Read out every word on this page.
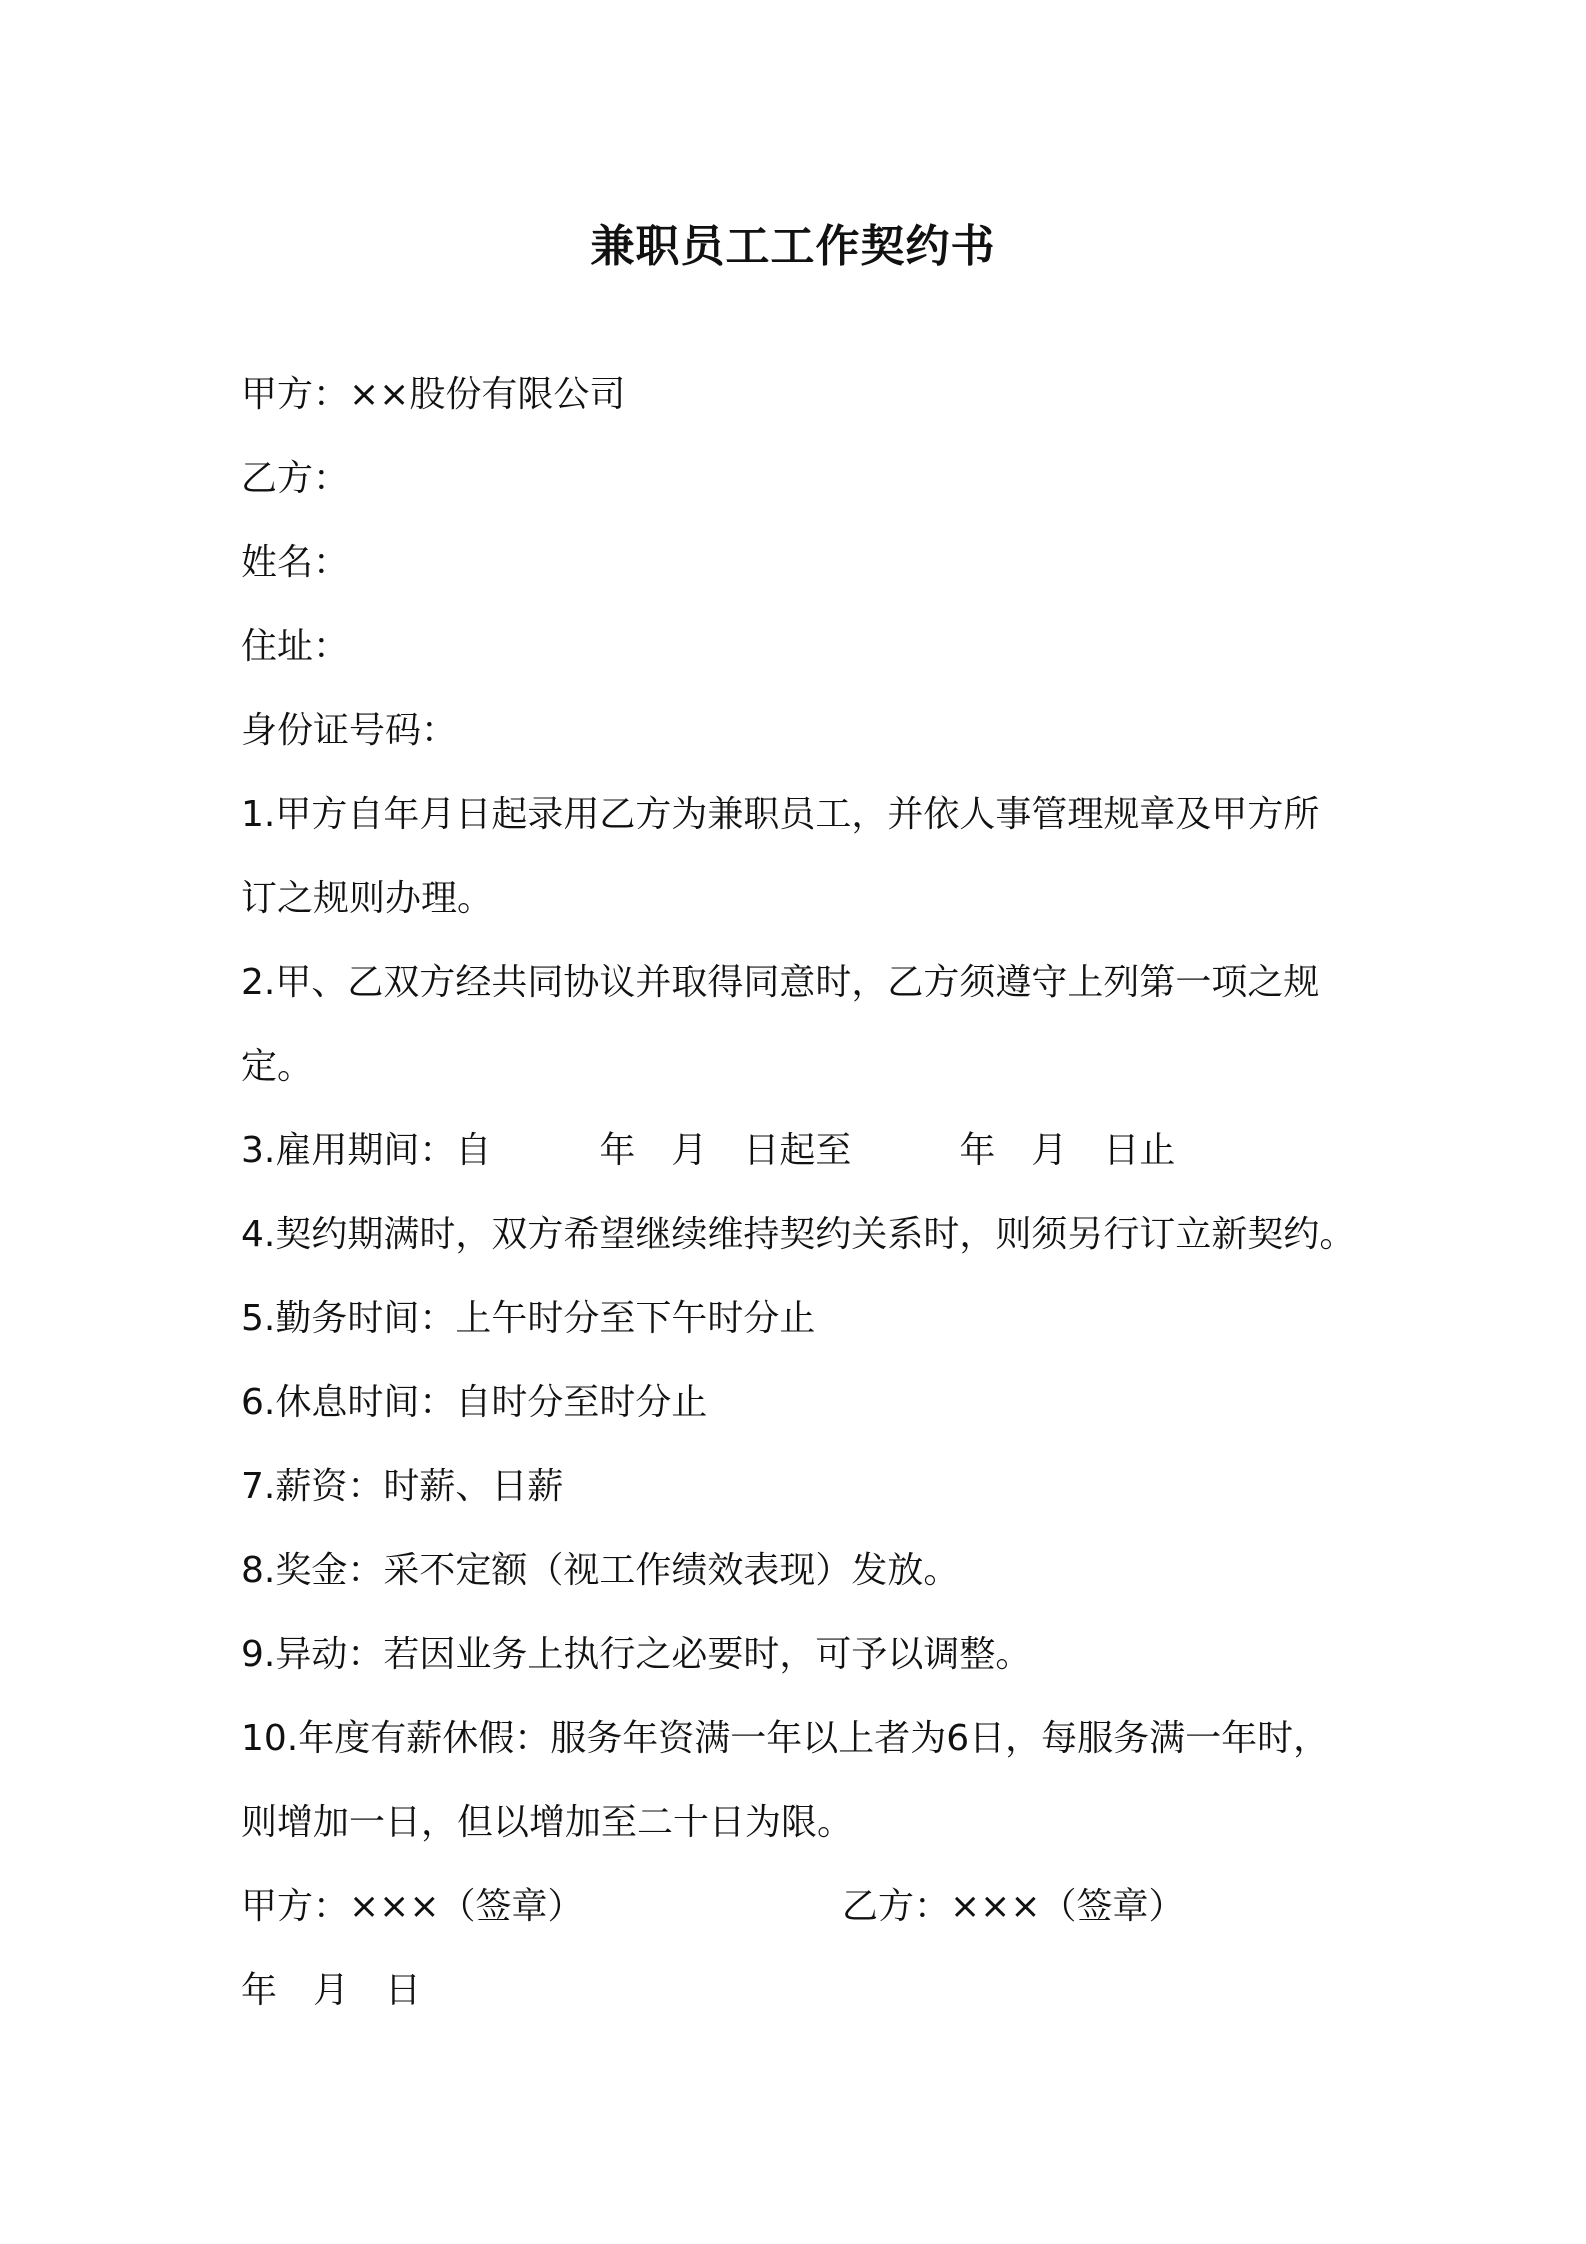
兼职员工工作契约书
甲方：××股份有限公司
乙方：
姓名：
住址：
身份证号码：
1.甲方自年月日起录用乙方为兼职员工，并依人事管理规章及甲方所
订之规则办理。
2.甲、乙双方经共同协议并取得同意时，乙方须遵守上列第一项之规
定。
3.雇用期间：自　　　年　月　日起至　　　年　月　日止
4.契约期满时，双方希望继续维持契约关系时，则须另行订立新契约。
5.勤务时间：上午时分至下午时分止
6.休息时间：自时分至时分止
7.薪资：时薪、日薪
8.奖金：采不定额（视工作绩效表现）发放。
9.异动：若因业务上执行之必要时，可予以调整。
10.年度有薪休假：服务年资满一年以上者为6日，每服务满一年时，
则增加一日，但以增加至二十日为限。
甲方：×××（签章）	乙方：×××（签章）
年　月　日
